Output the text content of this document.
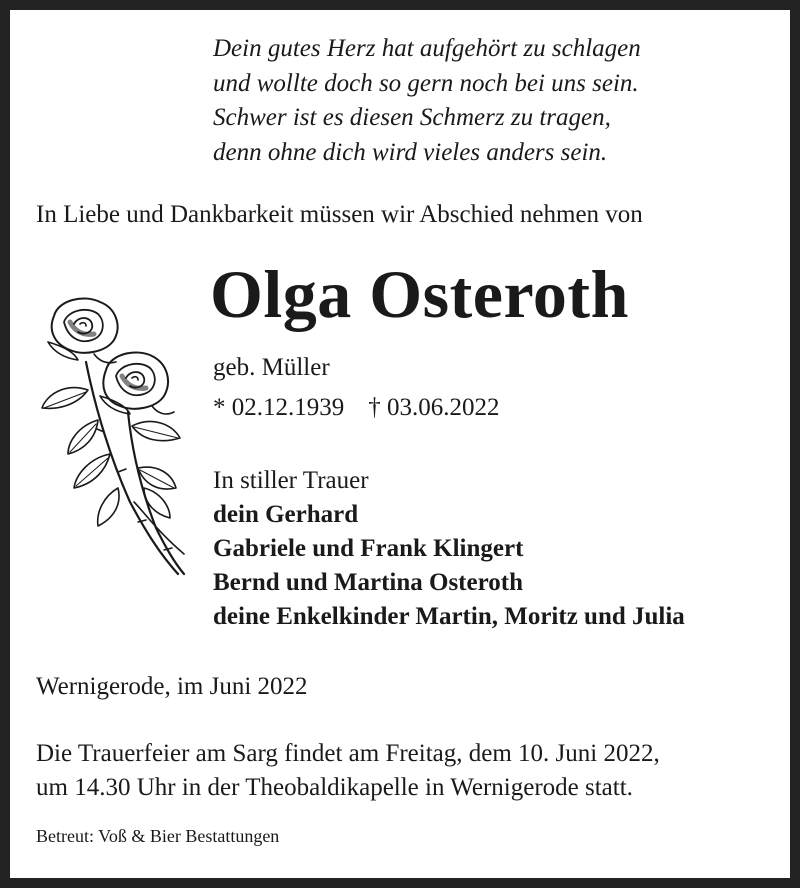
Dein gutes Herz hat aufgehört zu schlagen
und wollte doch so gern noch bei uns sein.
Schwer ist es diesen Schmerz zu tragen,
denn ohne dich wird vieles anders sein.
In Liebe und Dankbarkeit müssen wir Abschied nehmen von
Olga Osteroth
geb. Müller
* 02.12.1939 † 03.06.2022
In stiller Trauer
dein Gerhard
Gabriele und Frank Klingert
Bernd und Martina Osteroth
deine Enkelkinder Martin, Moritz und Julia
Wernigerode, im Juni 2022
Die Trauerfeier am Sarg findet am Freitag, dem 10. Juni 2022,
um 14.30 Uhr in der Theobaldikapelle in Wernigerode statt.
Betreut: Voß & Bier Bestattungen
